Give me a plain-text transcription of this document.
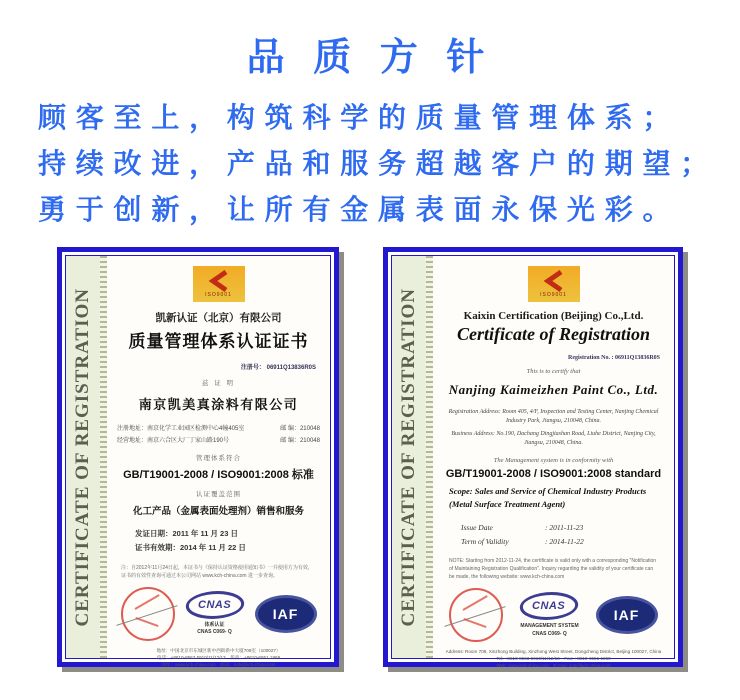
品 质 方 针
顾 客 至 上 ， 构 筑 科 学 的 质 量 管 理 体 系 ；
持 续 改 进 ， 产 品 和 服 务 超 越 客 户 的 期 望 ；
勇 于 创 新 ， 让 所 有 金 属 表 面 永 保 光 彩 。
CERTIFICATE OF REGISTRATION	ISO9001
凯新认证（北京）有限公司
质量管理体系认证证书
注册号： 06911Q13836R0S
兹 证 明
南京凯美真涂料有限公司
注册地址：南京化学工业园区检测中心4幢405室	邮 编：210048
经营地址：南京六合区大厂丁家山路190号	邮 编：210048
管理体系符合
GB/T19001-2008 / ISO9001:2008 标准
认证覆盖范围
化工产品（金属表面处理剂）销售和服务
发证日期：2011 年 11 月 23 日
证书有效期：2014 年 11 月 22 日
注：自2012年11月24日起，本证书与《保持认证资格使用通知书》一并使用方为有效，证书的有效性查询可通过本公司网站 www.kch-china.com 进一步查询。
CNAS
体系认证
CNAS C069- Q
IAF
地址：中国北京市东城区新中西街新中大厦708室（100027）
电话：+8610-8563 5910/11/12/13　传真：+8610-6551 1869
网址：www.kcb-china.com　邮箱：kcb@kcb-china.com
CERTIFICATE OF REGISTRATION	ISO9001
Kaixin Certification (Beijing) Co.,Ltd.
Certificate of Registration
Registration No. : 06911Q13836R0S
This is to certify that
Nanjing Kaimeizhen Paint Co., Ltd.
Registration Address: Room 405, 4/F, Inspection and Testing Center, Nanjing Chemical Industry Park, Jiangsu, 210048, China.
Business Address: No.190, Dachang Dingjiashan Road, Liuhe District, Nanjing City, Jiangsu, 210048, China.
The Management system is in conformity with
GB/T19001-2008 / ISO9001:2008 standard
Scope: Sales and Service of Chemical Industry Products (Metal Surface Treatment Agent)
Issue Date	: 2011-11-23
Term of Validity	: 2014-11-22
NOTE: Starting from 2012-11-24, the certificate is valid only with a corresponding "Notification of Maintaining Registration Qualification". Inquiry regarding the validity of your certificate can be made, the following website: www.kch-china.com
CNAS
MANAGEMENT SYSTEM
CNAS C069- Q
IAF
Address: Room 708, Xinzhong Building, Xinzhong West Street, Dongcheng District, Beijing 100027, China
Tel: +8610-8563 5910/11/12/13　Fax: +8610-6551 1869
Web: www.kcb-china.com　E-mail: kcb@kcb-china.com
